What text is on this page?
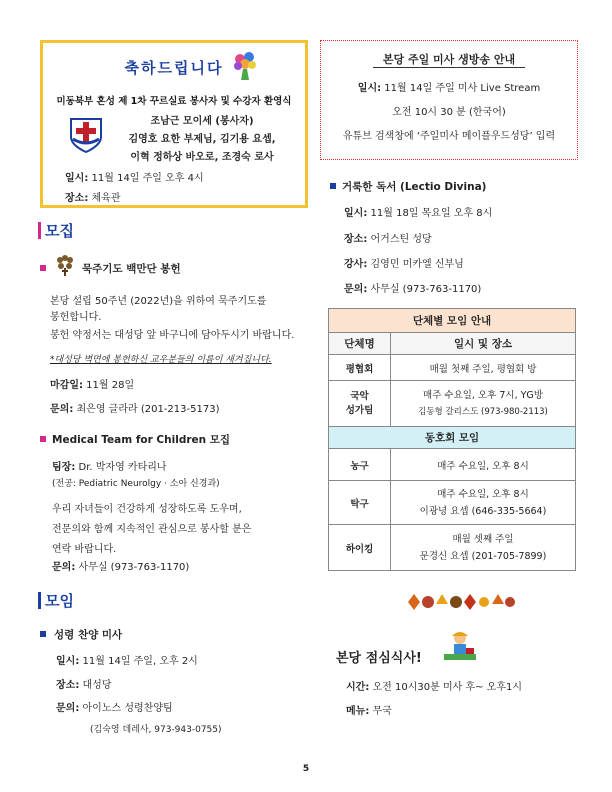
축하드립니다
미동북부 혼성 제 1차 꾸르실료 봉사자 및 수강자 환영식
조남근 모이세 (봉사자)
김영호 요한 부제님, 김기용 요셉,
이혁 정하상 바오로, 조경숙 로사
일시: 11월 14일 주일 오후 4시
장소: 체육관
본당 주일 미사 생방송 안내
일시: 11월 14일 주일 미사 Live Stream
오전 10시 30 분 (한국어)
유튜브 검색창에 ‘주일미사 메이플우드성당’ 입력
거룩한 독서 (Lectio Divina)
일시: 11월 18일 목요일 오후 8시
장소: 어거스틴 성당
강사: 김영민 미카엘 신부님
문의: 사무실 (973-763-1170)
모집
묵주기도 백만단 봉헌
본당 설립 50주년 (2022년)을 위하여 묵주기도를
봉헌합니다.
봉헌 약정서는 대성당 앞 바구니에 담아두시기 바랍니다.
*대성당 벽면에 봉헌하신 교우분들의 이름이 새겨집니다.
마감일: 11월 28일
문의: 최은영 글라라 (201-213-5173)
Medical Team for Children 모집
팀장: Dr. 박자영 카타리나
(전공: Pediatric Neurolgy · 소아 신경과)
우리 자녀들이 건강하게 성장하도록 도우며,
전문의와 함께 지속적인 관심으로 봉사할 분은
연락 바랍니다.
문의: 사무실 (973-763-1170)
모임
성령 찬양 미사
일시: 11월 14일 주일, 오후 2시
장소: 대성당
문의: 아이노스 성령찬양팀
(김숙영 데레사, 973-943-0755)
단체별 모임 안내	
단체명	일시 및 장소
평협회	매월 첫째 주일, 평협회 방

국악 성가팀	매주 수요일, 오후 7시, YG방
김동형 갈리스도 (973-980-2113)

동호회 모임	
농구	매주 수요일, 오후 8시

탁구	매주 수요일, 오후 8시
이광녕 요셉 (646-335-5664)

하이킹	매월 셋째 주일
문경신 요셉 (201-705-7899)
본당 점심식사!
시간: 오전 10시30분 미사 후~ 오후1시
메뉴: 무국
5
